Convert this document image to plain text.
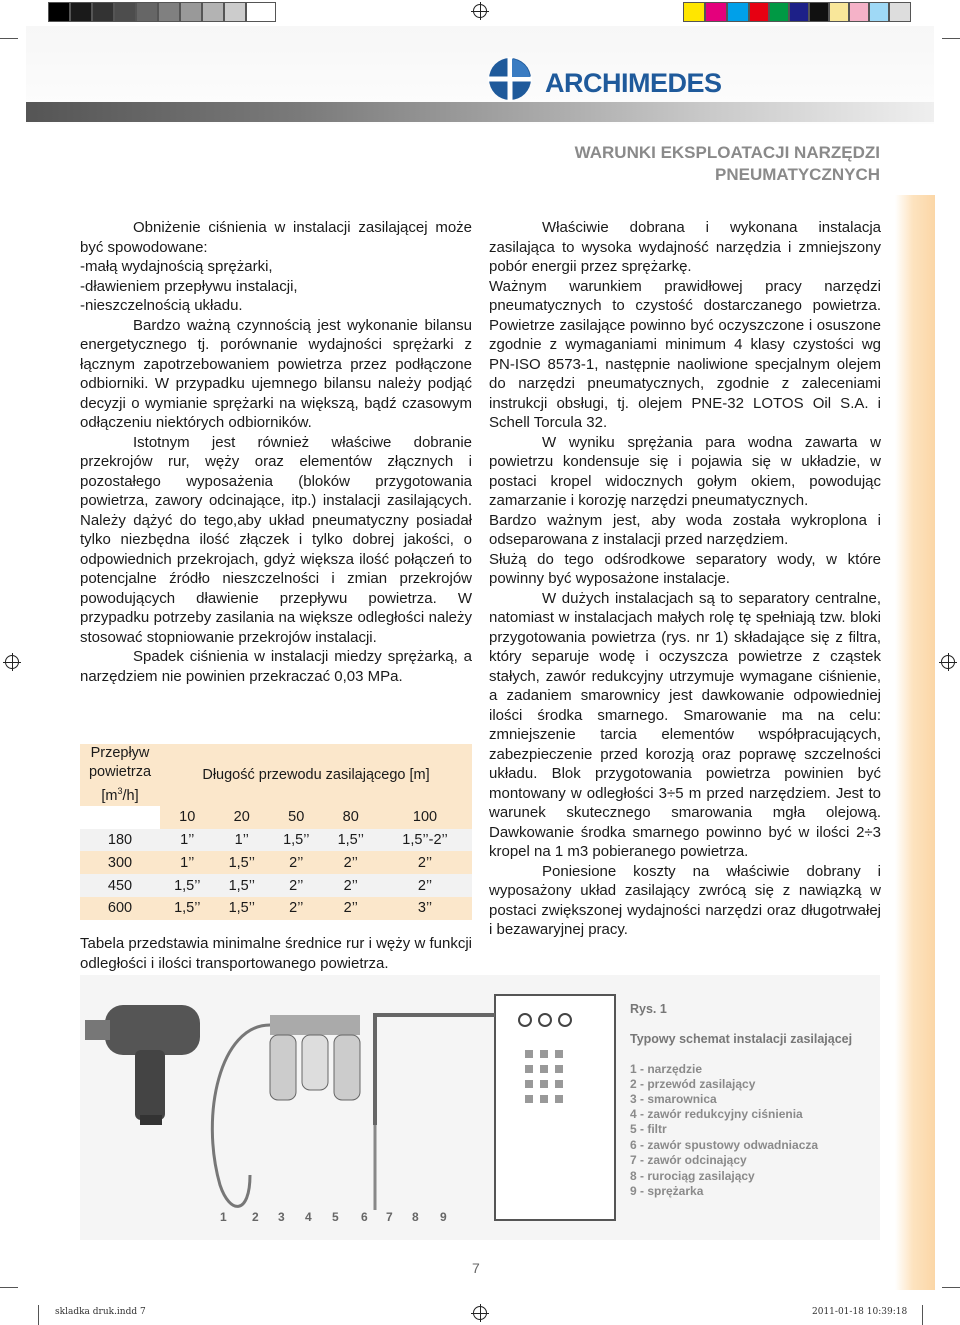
ARCHIMEDES
WARUNKI EKSPLOATACJI NARZĘDZI
PNEUMATYCZNYCH

Obniżenie ciśnienia w instalacji zasilającej może być spowodowane:

-małą wydajnością sprężarki,

-dławieniem przepływu instalacji,

-nieszczelnością układu.

Bardzo ważną czynnością jest wykonanie bilansu energetycznego tj. porównanie wydajności sprężarki z łącznym zapotrzebowaniem powietrza przez podłączone odbiorniki. W przypadku ujemnego bilansu należy podjąć decyzji o wymianie sprężarki na większą, bądź czasowym odłączeniu niektórych odbiorników.

Istotnym jest również właściwe dobranie przekrojów rur, węży oraz elementów złącznych i pozostałego wyposażenia (bloków przygotowania powietrza, zawory odcinające, itp.) instalacji zasilających. Należy dążyć do tego,aby układ pneumatyczny posiadał tylko niezbędna ilość złączek i tylko dobrej jakości, o odpowiednich przekrojach, gdyż większa ilość połączeń to potencjalne źródło nieszczelności i zmian przekrojów powodujących dławienie przepływu powietrza. W przypadku potrzeby zasilania na większe odległości należy stosować stopniowanie przekrojów instalacji.

Spadek ciśnienia w instalacji miedzy sprężarką, a narzędziem nie powinien przekraczać 0,03 MPa.

Przepływ
powietrza
$[m^3/h]$	Długość przewodu zasilającego [m]				

	10	20	50	80	100
180	1’’	1’’	1,5’’	1,5’’	1,5’’-2’’
300	1’’	1,5’’	2’’	2’’	2’’
450	1,5’’	1,5’’	2’’	2’’	2’’
600	1,5’’	1,5’’	2’’	2’’	3’’
Tabela przedstawia minimalne średnice rur i węży w funkcji odległości i ilości transportowanego powietrza.

Właściwie dobrana i wykonana instalacja zasilająca to wysoka wydajność narzędzia i zmniejszony pobór energii przez sprężarkę.

Ważnym warunkiem prawidłowej pracy narzędzi pneumatycznych to czystość dostarczanego powietrza. Powietrze zasilające powinno być oczyszczone i osuszone zgodnie z wymaganiami minimum 4 klasy czystości wg PN-ISO 8573-1, następnie naoliwione specjalnym olejem do narzędzi pneumatycznych, zgodnie z zaleceniami instrukcji obsługi, tj. olejem PNE-32 LOTOS Oil S.A. i Schell Torcula 32.

W wyniku sprężania para wodna zawarta w powietrzu kondensuje się i pojawia się w układzie, w postaci kropel widocznych gołym okiem, powodując zamarzanie i korozję narzędzi pneumatycznych.

Bardzo ważnym jest, aby woda została wykroplona i odseparowana z instalacji przed narzędziem.

Służą do tego odśrodkowe separatory wody, w które powinny być wyposażone instalacje.

W dużych instalacjach są to separatory centralne, natomiast w instalacjach małych rolę tę spełniają tzw. bloki przygotowania powietrza (rys. nr 1) składające się z filtra, który separuje wodę i oczyszcza powietrze z cząstek stałych, zawór redukcyjny utrzymuje wymagane ciśnienie, a zadaniem smarownicy jest dawkowanie odpowiedniej ilości środka smarnego. Smarowanie ma na celu: zmniejszenie tarcia elementów współpracujących, zabezpieczenie przed korozją oraz poprawę szczelności układu. Blok przygotowania powietrza powinien być montowany w odległości 3÷5 m przed narzędziem. Jest to warunek skutecznego smarowania mgła olejową. Dawkowanie środka smarnego powinno być w ilości 2÷3 kropel na 1 m3 pobieranego powietrza.

Poniesione koszty na właściwie dobrany i wyposażony układ zasilający zwrócą się z nawiązką w postaci zwiększonej wydajności narzędzi oraz długotrwałej i bezawaryjnej pracy.

1 2 3 4 5 6 7 8 9
Rys. 1
Typowy schemat instalacji zasilającej
1 - narzędzie
2 - przewód zasilający
3 - smarownica
4 - zawór redukcyjny ciśnienia
5 - filtr
6 - zawór spustowy odwadniacza
7 - zawór odcinający
8 - rurociąg zasilający
9 - sprężarka
7
skladka druk.indd 7	2011-01-18 10:39:18
